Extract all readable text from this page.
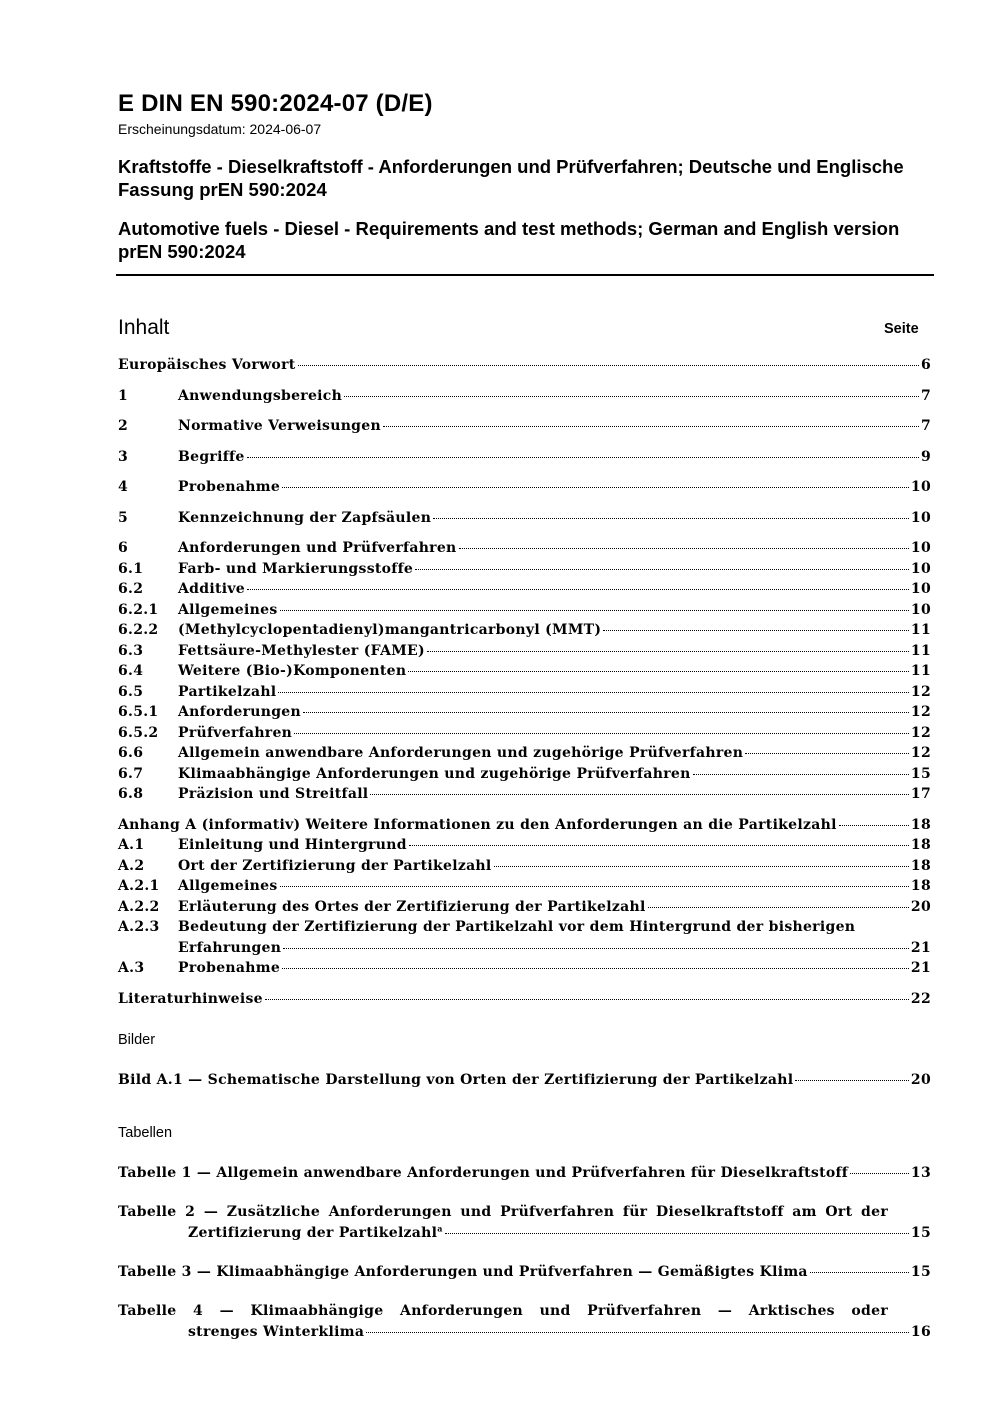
E DIN EN 590:2024-07 (D/E)

Erscheinungsdatum: 2024-06-07

Kraftstoffe - Dieselkraftstoff - Anforderungen und Prüfverfahren; Deutsche und Englische Fassung prEN 590:2024

Automotive fuels - Diesel - Requirements and test methods; German and English version prEN 590:2024

Inhalt	Seite
Europäisches Vorwort	6
1	Anwendungsbereich	7
2	Normative Verweisungen	7
3	Begriffe	9
4	Probenahme	10
5	Kennzeichnung der Zapfsäulen	10
6	Anforderungen und Prüfverfahren	10
6.1	Farb- und Markierungsstoffe	10
6.2	Additive	10
6.2.1	Allgemeines	10
6.2.2	(Methylcyclopentadienyl)mangantricarbonyl (MMT)	11
6.3	Fettsäure-Methylester (FAME)	11
6.4	Weitere (Bio-)Komponenten	11
6.5	Partikelzahl	12
6.5.1	Anforderungen	12
6.5.2	Prüfverfahren	12
6.6	Allgemein anwendbare Anforderungen und zugehörige Prüfverfahren	12
6.7	Klimaabhängige Anforderungen und zugehörige Prüfverfahren	15
6.8	Präzision und Streitfall	17
Anhang A (informativ) Weitere Informationen zu den Anforderungen an die Partikelzahl	18
A.1	Einleitung und Hintergrund	18
A.2	Ort der Zertifizierung der Partikelzahl	18
A.2.1	Allgemeines	18
A.2.2	Erläuterung des Ortes der Zertifizierung der Partikelzahl	20
A.2.3	Bedeutung der Zertifizierung der Partikelzahl vor dem Hintergrund der bisherigen
Erfahrungen	21
A.3	Probenahme	21
Literaturhinweise	22
Bilder
Bild A.1 — Schematische Darstellung von Orten der Zertifizierung der Partikelzahl	20
Tabellen
Tabelle 1 — Allgemein anwendbare Anforderungen und Prüfverfahren für Dieselkraftstoff	13
Tabelle 2 — Zusätzliche Anforderungen und Prüfverfahren für Dieselkraftstoff am Ort der
Zertifizierung der Partikelzahl$^a$	15
Tabelle 3 — Klimaabhängige Anforderungen und Prüfverfahren — Gemäßigtes Klima	15
Tabelle 4 — Klimaabhängige Anforderungen und Prüfverfahren — Arktisches oder
strenges Winterklima	16
